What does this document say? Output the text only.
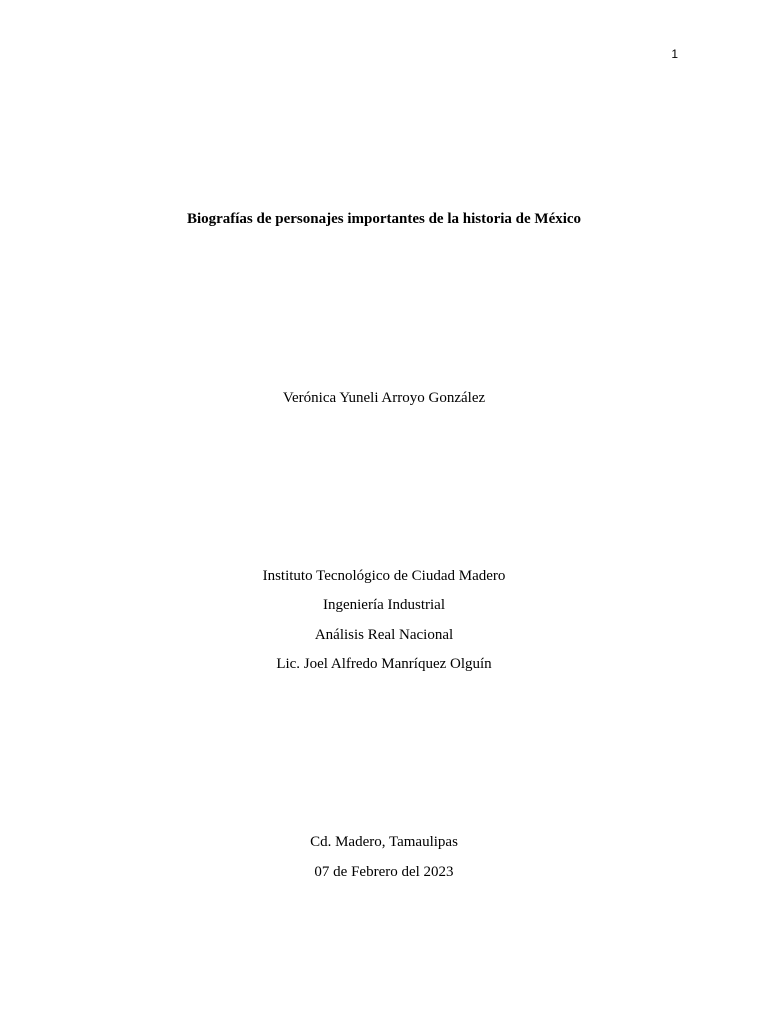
1
Biografías de personajes importantes de la historia de México
Verónica Yuneli Arroyo González
Instituto Tecnológico de Ciudad Madero
Ingeniería Industrial
Análisis Real Nacional
Lic. Joel Alfredo Manríquez Olguín
Cd. Madero, Tamaulipas
07 de Febrero del 2023
